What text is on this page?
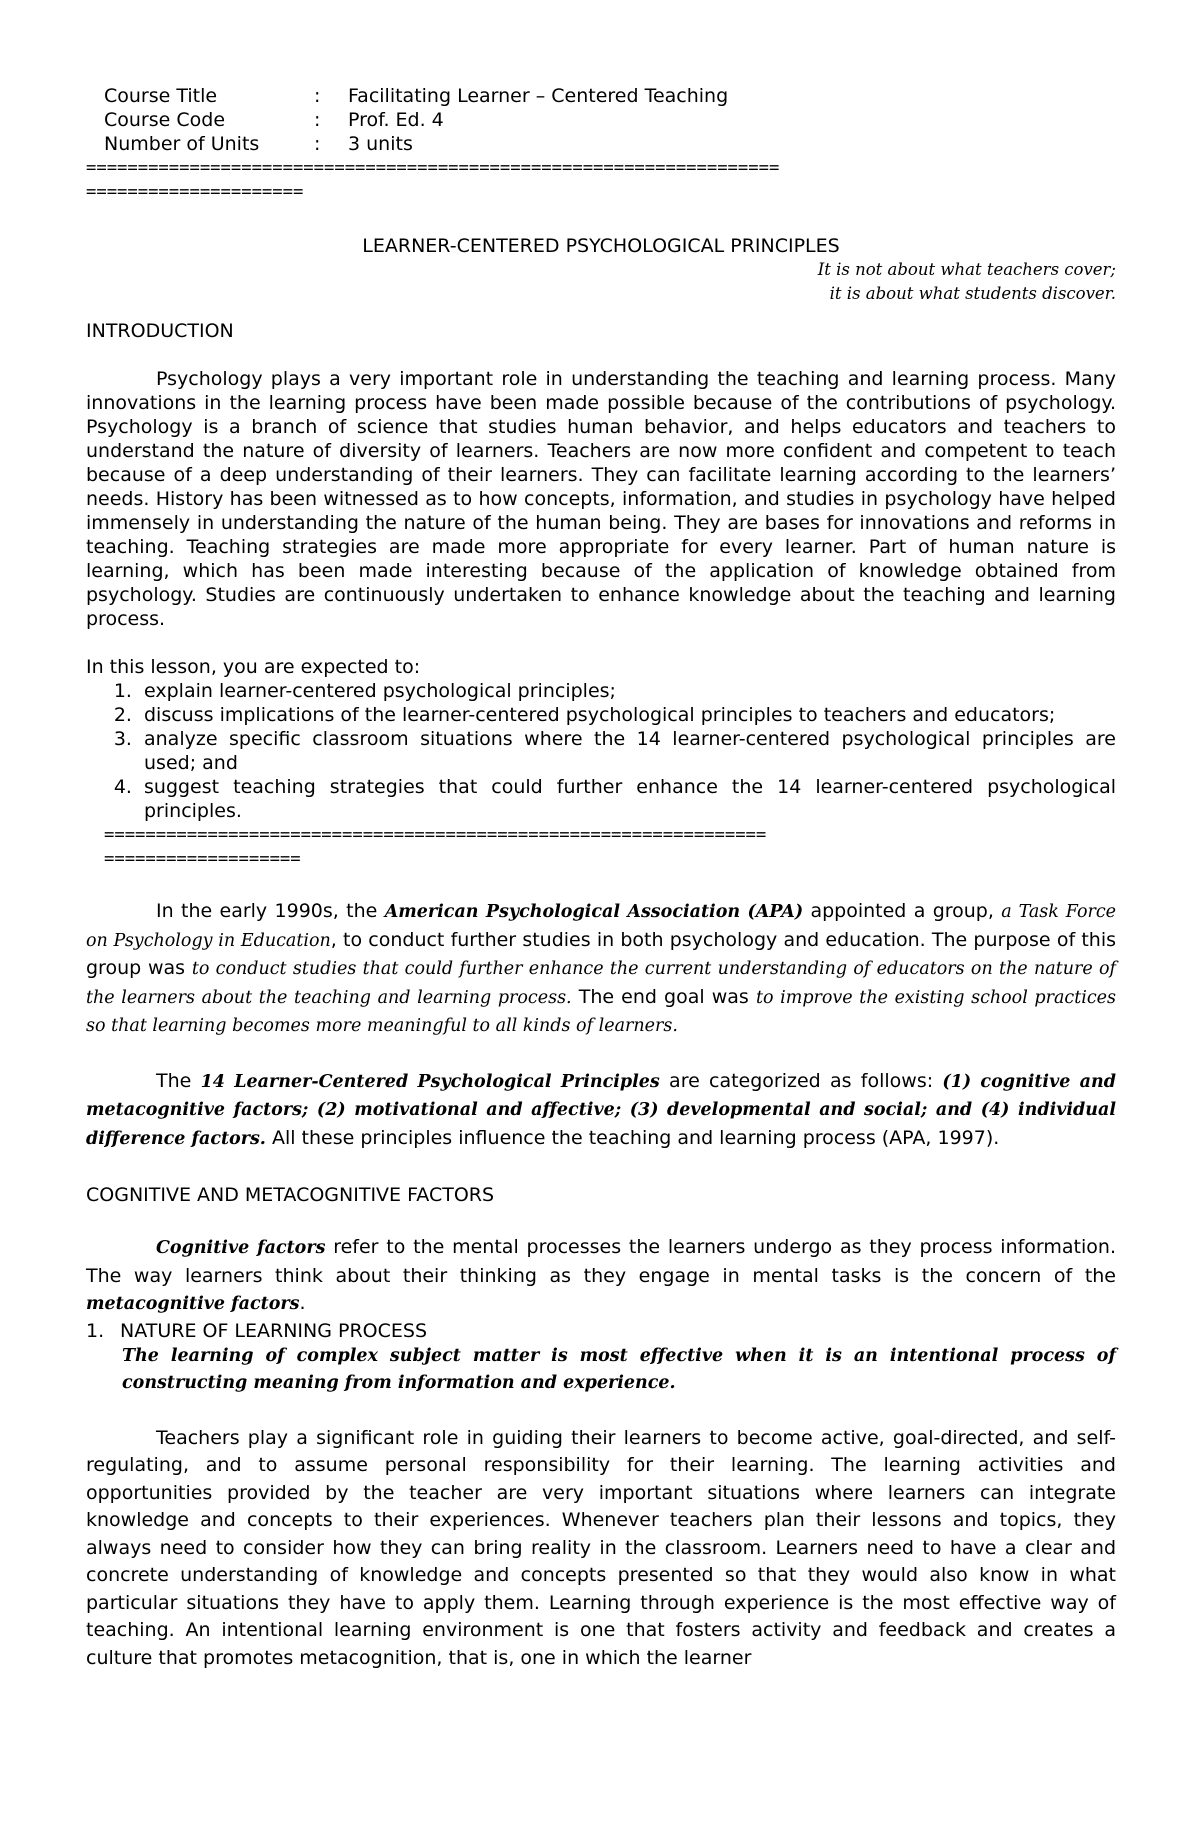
Course Title	:	Facilitating Learner – Centered Teaching
Course Code	:	Prof. Ed. 4
Number of Units	:	3 units
===================================================================
=====================
LEARNER-CENTERED PSYCHOLOGICAL PRINCIPLES
It is not about what teachers cover;
it is about what students discover.
INTRODUCTION

Psychology plays a very important role in understanding the teaching and learning process. Many innovations in the learning process have been made possible because of the contributions of psychology. Psychology is a branch of science that studies human behavior, and helps educators and teachers to understand the nature of diversity of learners. Teachers are now more confident and competent to teach because of a deep understanding of their learners. They can facilitate learning according to the learners’ needs. History has been witnessed as to how concepts, information, and studies in psychology have helped immensely in understanding the nature of the human being. They are bases for innovations and reforms in teaching. Teaching strategies are made more appropriate for every learner. Part of human nature is learning, which has been made interesting because of the application of knowledge obtained from psychology. Studies are continuously undertaken to enhance knowledge about the teaching and learning process.

In this lesson, you are expected to:

1. explain learner-centered psychological principles;
2. discuss implications of the learner-centered psychological principles to teachers and educators;
3. analyze specific classroom situations where the 14 learner-centered psychological principles are used; and
4. suggest teaching strategies that could further enhance the 14 learner-centered psychological principles.
================================================================
===================

In the early 1990s, the American Psychological Association (APA) appointed a group, a Task Force on Psychology in Education, to conduct further studies in both psychology and education. The purpose of this group was to conduct studies that could further enhance the current understanding of educators on the nature of the learners about the teaching and learning process. The end goal was to improve the existing school practices so that learning becomes more meaningful to all kinds of learners.

The 14 Learner-Centered Psychological Principles are categorized as follows: (1) cognitive and metacognitive factors; (2) motivational and affective; (3) developmental and social; and (4) individual difference factors. All these principles influence the teaching and learning process (APA, 1997).

COGNITIVE AND METACOGNITIVE FACTORS

Cognitive factors refer to the mental processes the learners undergo as they process information. The way learners think about their thinking as they engage in mental tasks is the concern of the metacognitive factors.

1. NATURE OF LEARNING PROCESS
The learning of complex subject matter is most effective when it is an intentional process of constructing meaning from information and experience.

Teachers play a significant role in guiding their learners to become active, goal-directed, and self-regulating, and to assume personal responsibility for their learning. The learning activities and opportunities provided by the teacher are very important situations where learners can integrate knowledge and concepts to their experiences. Whenever teachers plan their lessons and topics, they always need to consider how they can bring reality in the classroom. Learners need to have a clear and concrete understanding of knowledge and concepts presented so that they would also know in what particular situations they have to apply them. Learning through experience is the most effective way of teaching. An intentional learning environment is one that fosters activity and feedback and creates a culture that promotes metacognition, that is, one in which the learner
